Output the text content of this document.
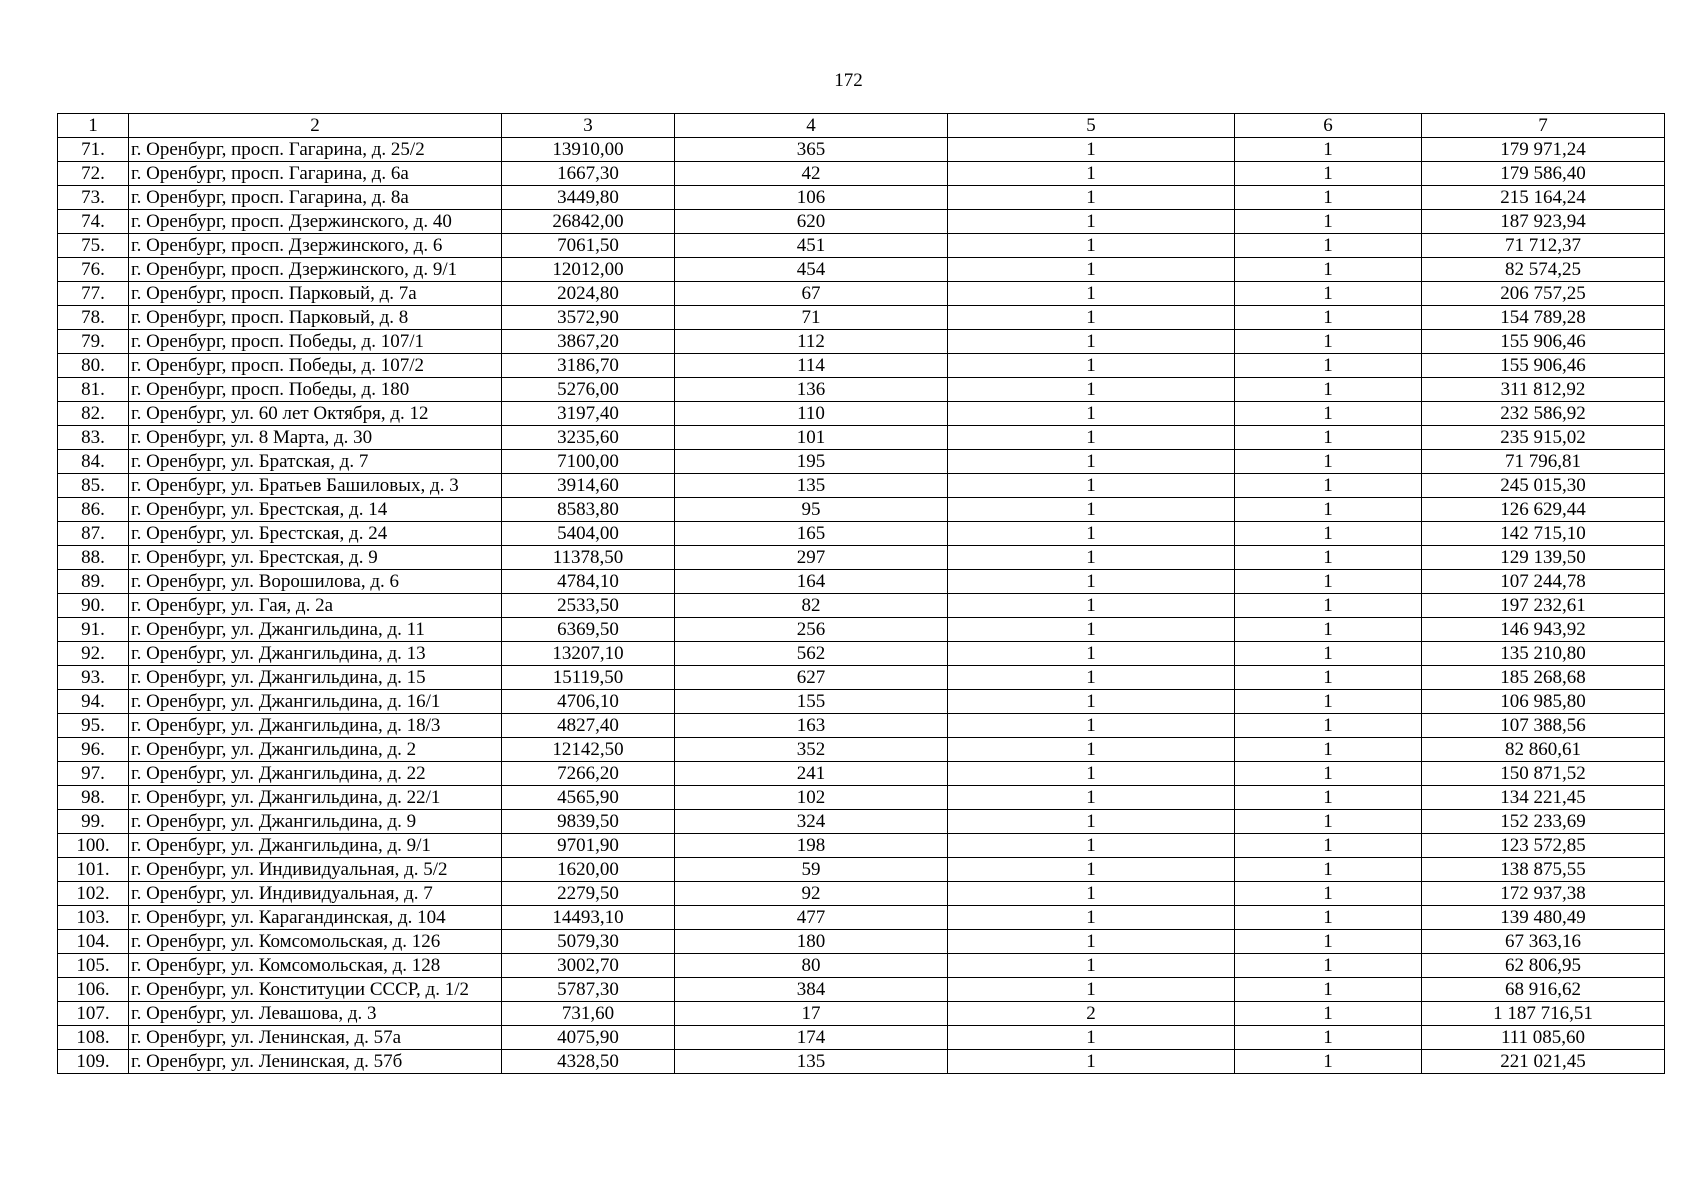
172
1	2	3	4	5	6	7
71.	г. Оренбург, просп. Гагарина, д. 25/2	13910,00	365	1	1	179 971,24
72.	г. Оренбург, просп. Гагарина, д. 6а	1667,30	42	1	1	179 586,40
73.	г. Оренбург, просп. Гагарина, д. 8а	3449,80	106	1	1	215 164,24
74.	г. Оренбург, просп. Дзержинского, д. 40	26842,00	620	1	1	187 923,94
75.	г. Оренбург, просп. Дзержинского, д. 6	7061,50	451	1	1	71 712,37
76.	г. Оренбург, просп. Дзержинского, д. 9/1	12012,00	454	1	1	82 574,25
77.	г. Оренбург, просп. Парковый, д. 7а	2024,80	67	1	1	206 757,25
78.	г. Оренбург, просп. Парковый, д. 8	3572,90	71	1	1	154 789,28
79.	г. Оренбург, просп. Победы, д. 107/1	3867,20	112	1	1	155 906,46
80.	г. Оренбург, просп. Победы, д. 107/2	3186,70	114	1	1	155 906,46
81.	г. Оренбург, просп. Победы, д. 180	5276,00	136	1	1	311 812,92
82.	г. Оренбург, ул. 60 лет Октября, д. 12	3197,40	110	1	1	232 586,92
83.	г. Оренбург, ул. 8 Марта, д. 30	3235,60	101	1	1	235 915,02
84.	г. Оренбург, ул. Братская, д. 7	7100,00	195	1	1	71 796,81
85.	г. Оренбург, ул. Братьев Башиловых, д. 3	3914,60	135	1	1	245 015,30
86.	г. Оренбург, ул. Брестская, д. 14	8583,80	95	1	1	126 629,44
87.	г. Оренбург, ул. Брестская, д. 24	5404,00	165	1	1	142 715,10
88.	г. Оренбург, ул. Брестская, д. 9	11378,50	297	1	1	129 139,50
89.	г. Оренбург, ул. Ворошилова, д. 6	4784,10	164	1	1	107 244,78
90.	г. Оренбург, ул. Гая, д. 2а	2533,50	82	1	1	197 232,61
91.	г. Оренбург, ул. Джангильдина, д. 11	6369,50	256	1	1	146 943,92
92.	г. Оренбург, ул. Джангильдина, д. 13	13207,10	562	1	1	135 210,80
93.	г. Оренбург, ул. Джангильдина, д. 15	15119,50	627	1	1	185 268,68
94.	г. Оренбург, ул. Джангильдина, д. 16/1	4706,10	155	1	1	106 985,80
95.	г. Оренбург, ул. Джангильдина, д. 18/3	4827,40	163	1	1	107 388,56
96.	г. Оренбург, ул. Джангильдина, д. 2	12142,50	352	1	1	82 860,61
97.	г. Оренбург, ул. Джангильдина, д. 22	7266,20	241	1	1	150 871,52
98.	г. Оренбург, ул. Джангильдина, д. 22/1	4565,90	102	1	1	134 221,45
99.	г. Оренбург, ул. Джангильдина, д. 9	9839,50	324	1	1	152 233,69
100.	г. Оренбург, ул. Джангильдина, д. 9/1	9701,90	198	1	1	123 572,85
101.	г. Оренбург, ул. Индивидуальная, д. 5/2	1620,00	59	1	1	138 875,55
102.	г. Оренбург, ул. Индивидуальная, д. 7	2279,50	92	1	1	172 937,38
103.	г. Оренбург, ул. Карагандинская, д. 104	14493,10	477	1	1	139 480,49
104.	г. Оренбург, ул. Комсомольская, д. 126	5079,30	180	1	1	67 363,16
105.	г. Оренбург, ул. Комсомольская, д. 128	3002,70	80	1	1	62 806,95
106.	г. Оренбург, ул. Конституции СССР, д. 1/2	5787,30	384	1	1	68 916,62
107.	г. Оренбург, ул. Левашова, д. 3	731,60	17	2	1	1 187 716,51
108.	г. Оренбург, ул. Ленинская, д. 57а	4075,90	174	1	1	111 085,60
109.	г. Оренбург, ул. Ленинская, д. 57б	4328,50	135	1	1	221 021,45
